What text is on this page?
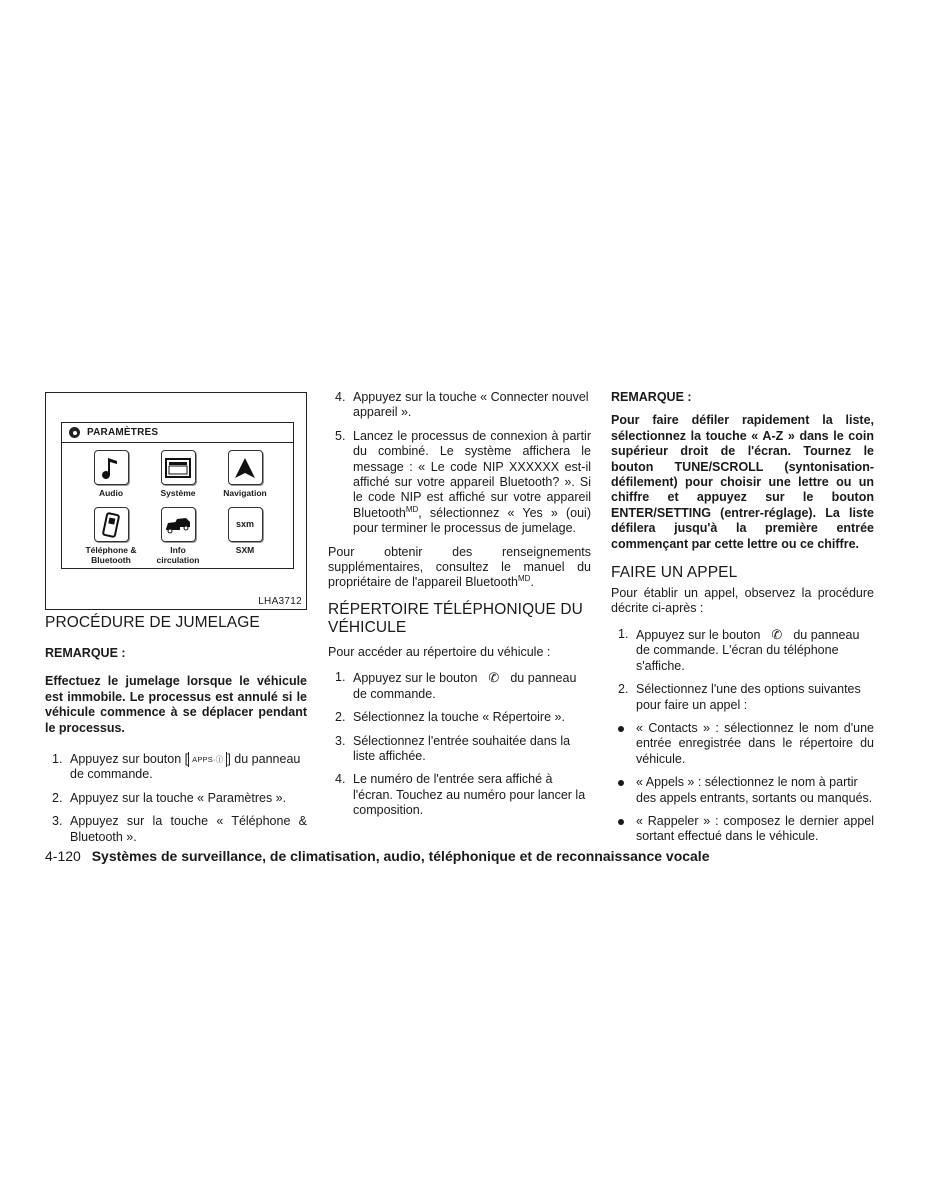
PARAMÈTRES
Audio	Système	Navigation
Téléphone &
Bluetooth
Info
circulation
sxm
SXM
LHA3712
PROCÉDURE DE JUMELAGE

REMARQUE :

Effectuez le jumelage lorsque le véhicule est immobile. Le processus est annulé si le véhicule commence à se déplacer pendant le processus.

1. Appuyez sur bouton [ APPS·ⓘ ] du panneau de commande.
2. Appuyez sur la touche « Paramètres ».
3. Appuyez sur la touche « Téléphone & Bluetooth ».
4. Appuyez sur la touche « Connecter nouvel appareil ».
5. Lancez le processus de connexion à partir du combiné. Le système affichera le message : « Le code NIP XXXXXX est-il affiché sur votre appareil Bluetooth? ». Si le code NIP est affiché sur votre appareil Bluetooth$^{MD}$, sélectionnez « Yes » (oui) pour terminer le processus de jumelage.

Pour obtenir des renseignements supplémentaires, consultez le manuel du propriétaire de l'appareil Bluetooth$^{MD}$.

RÉPERTOIRE TÉLÉPHONIQUE DU VÉHICULE

Pour accéder au répertoire du véhicule :

1. Appuyez sur le bouton ✆ du panneau de commande.
2. Sélectionnez la touche « Répertoire ».
3. Sélectionnez l'entrée souhaitée dans la liste affichée.
4. Le numéro de l'entrée sera affiché à l'écran. Touchez au numéro pour lancer la composition.

REMARQUE :

Pour faire défiler rapidement la liste, sélectionnez la touche « A-Z » dans le coin supérieur droit de l'écran. Tournez le bouton TUNE/SCROLL (syntonisation-défilement) pour choisir une lettre ou un chiffre et appuyez sur le bouton ENTER/SETTING (entrer-réglage). La liste défilera jusqu'à la première entrée commençant par cette lettre ou ce chiffre.

FAIRE UN APPEL

Pour établir un appel, observez la procédure décrite ci-après :

1. Appuyez sur le bouton ✆ du panneau de commande. L'écran du téléphone s'affiche.
2. Sélectionnez l'une des options suivantes pour faire un appel :
« Contacts » : sélectionnez le nom d'une entrée enregistrée dans le répertoire du véhicule.
« Appels » : sélectionnez le nom à partir des appels entrants, sortants ou manqués.
« Rappeler » : composez le dernier appel sortant effectué dans le véhicule.
4-120 Systèmes de surveillance, de climatisation, audio, téléphonique et de reconnaissance vocale
